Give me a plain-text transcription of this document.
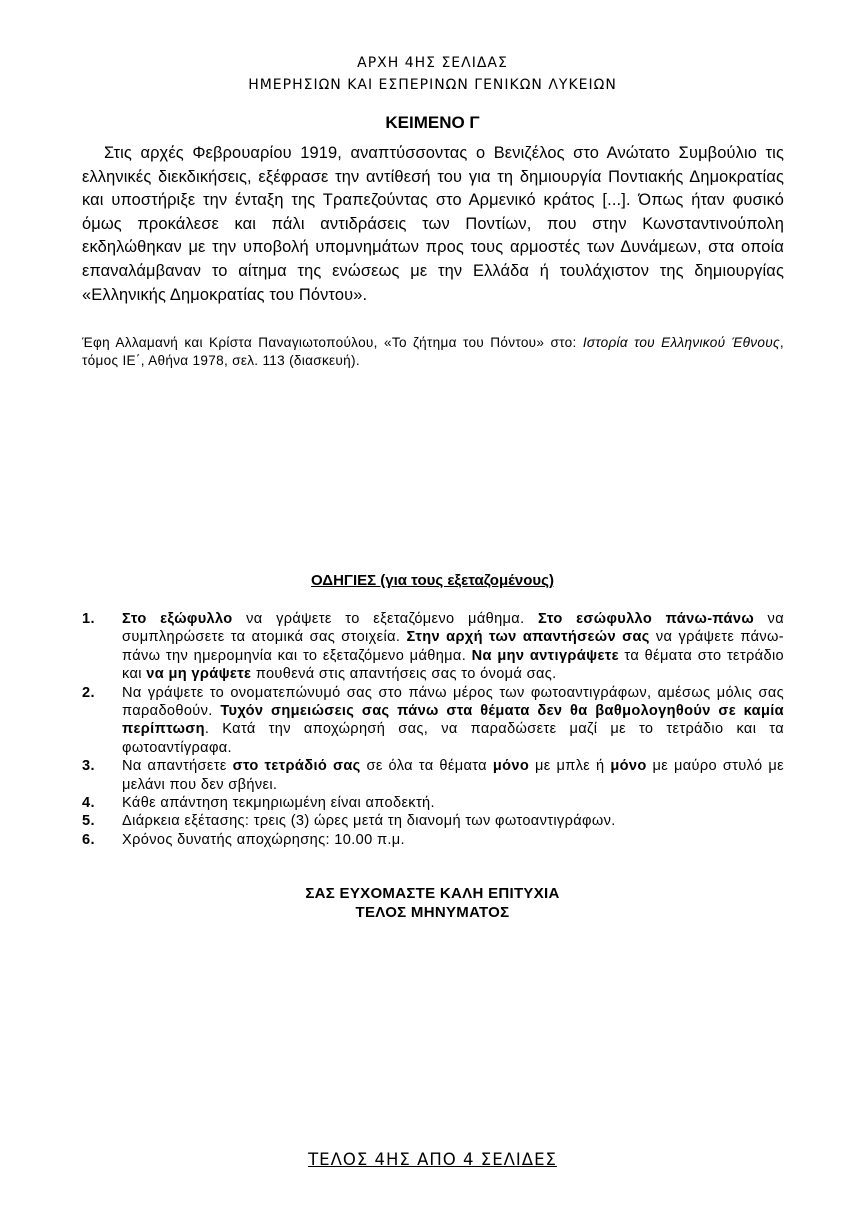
ΑΡΧΗ 4ΗΣ ΣΕΛΙΔΑΣ
ΗΜΕΡΗΣΙΩΝ ΚΑΙ ΕΣΠΕΡΙΝΩΝ ΓΕΝΙΚΩΝ ΛΥΚΕΙΩΝ
ΚΕΙΜΕΝΟ Γ
Στις αρχές Φεβρουαρίου 1919, αναπτύσσοντας ο Βενιζέλος στο Ανώτατο Συμβούλιο τις ελληνικές διεκδικήσεις, εξέφρασε την αντίθεσή του για τη δημιουργία Ποντιακής Δημοκρατίας και υποστήριξε την ένταξη της Τραπεζούντας στο Αρμενικό κράτος [...]. Όπως ήταν φυσικό όμως προκάλεσε και πάλι αντιδράσεις των Ποντίων, που στην Κωνσταντινούπολη εκδηλώθηκαν με την υποβολή υπομνημάτων προς τους αρμοστές των Δυνάμεων, στα οποία επαναλάμβαναν το αίτημα της ενώσεως με την Ελλάδα ή τουλάχιστον της δημιουργίας «Ελληνικής Δημοκρατίας του Πόντου».
Έφη Αλλαμανή και Κρίστα Παναγιωτοπούλου, «Το ζήτημα του Πόντου» στο: Ιστορία του Ελληνικού Έθνους, τόμος ΙΕ΄, Αθήνα 1978, σελ. 113 (διασκευή).
ΟΔΗΓΙΕΣ (για τους εξεταζομένους)
1. Στο εξώφυλλο να γράψετε το εξεταζόμενο μάθημα. Στο εσώφυλλο πάνω-πάνω να συμπληρώσετε τα ατομικά σας στοιχεία. Στην αρχή των απαντήσεών σας να γράψετε πάνω-πάνω την ημερομηνία και το εξεταζόμενο μάθημα. Να μην αντιγράψετε τα θέματα στο τετράδιο και να μη γράψετε πουθενά στις απαντήσεις σας το όνομά σας.
2. Να γράψετε το ονοματεπώνυμό σας στο πάνω μέρος των φωτοαντιγράφων, αμέσως μόλις σας παραδοθούν. Τυχόν σημειώσεις σας πάνω στα θέματα δεν θα βαθμολογηθούν σε καμία περίπτωση. Κατά την αποχώρησή σας, να παραδώσετε μαζί με το τετράδιο και τα φωτοαντίγραφα.
3. Να απαντήσετε στο τετράδιό σας σε όλα τα θέματα μόνο με μπλε ή μόνο με μαύρο στυλό με μελάνι που δεν σβήνει.
4. Κάθε απάντηση τεκμηριωμένη είναι αποδεκτή.
5. Διάρκεια εξέτασης: τρεις (3) ώρες μετά τη διανομή των φωτοαντιγράφων.
6. Χρόνος δυνατής αποχώρησης: 10.00 π.μ.
ΣΑΣ ΕΥΧΟΜΑΣΤΕ ΚΑΛΗ ΕΠΙΤΥΧΙΑ
ΤΕΛΟΣ ΜΗΝΥΜΑΤΟΣ
ΤΕΛΟΣ 4ΗΣ ΑΠΟ 4 ΣΕΛΙΔΕΣ
